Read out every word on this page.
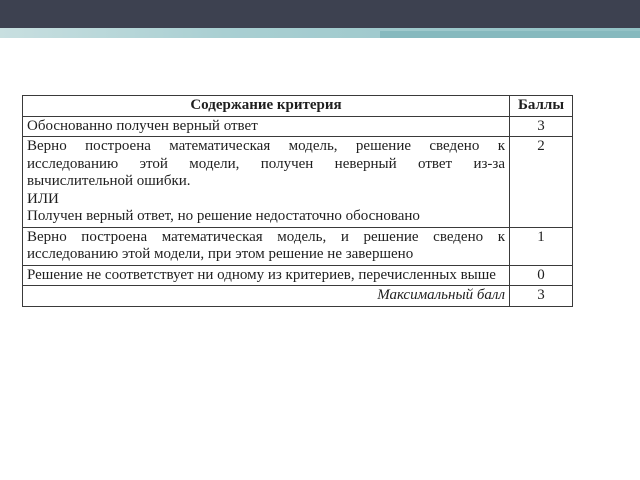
Содержание критерия	Баллы
Обоснованно получен верный ответ	3
Верно построена математическая модель, решение сведено к исследованию этой модели, получен неверный ответ из-за вычислительной ошибки.
ИЛИ
Получен верный ответ, но решение недостаточно обосновано	2
Верно построена математическая модель, и решение сведено к исследованию этой модели, при этом решение не завершено	1
Решение не соответствует ни одному из критериев, перечисленных выше	0
Максимальный балл	3
